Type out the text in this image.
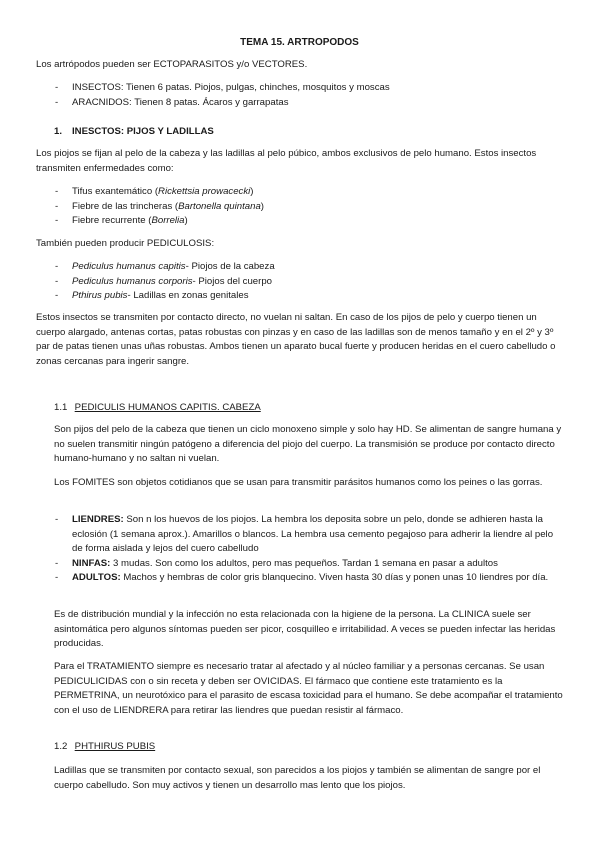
TEMA 15. ARTROPODOS

Los artrópodos pueden ser ECTOPARASITOS y/o VECTORES.

- INSECTOS: Tienen 6 patas. Piojos, pulgas, chinches, mosquitos y moscas
- ARACNIDOS: Tienen 8 patas. Ácaros y garrapatas
1. INESCTOS: PIJOS Y LADILLAS

Los piojos se fijan al pelo de la cabeza y las ladillas al pelo púbico, ambos exclusivos de pelo humano. Estos insectos transmiten enfermedades como:

- Tifus exantemático (Rickettsia prowacecki)
- Fiebre de las trincheras (Bartonella quintana)
- Fiebre recurrente (Borrelia)

También pueden producir PEDICULOSIS:

- Pediculus humanus capitis- Piojos de la cabeza
- Pediculus humanus corporis- Piojos del cuerpo
- Pthirus pubis- Ladillas en zonas genitales

Estos insectos se transmiten por contacto directo, no vuelan ni saltan. En caso de los pijos de pelo y cuerpo tienen un cuerpo alargado, antenas cortas, patas robustas con pinzas y en caso de las ladillas son de menos tamaño y en el 2º y 3º par de patas tienen unas uñas robustas. Ambos tienen un aparato bucal fuerte y producen heridas en el cuero cabelludo o zonas cercanas para ingerir sangre.

1.1 PEDICULIS HUMANOS CAPITIS. CABEZA

Son pijos del pelo de la cabeza que tienen un ciclo monoxeno simple y solo hay HD. Se alimentan de sangre humana y no suelen transmitir ningún patógeno a diferencia del piojo del cuerpo. La transmisión se produce por contacto directo humano-humano y no saltan ni vuelan.

Los FOMITES son objetos cotidianos que se usan para transmitir parásitos humanos como los peines o las gorras.

- LIENDRES: Son n los huevos de los piojos. La hembra los deposita sobre un pelo, donde se adhieren hasta la eclosión (1 semana aprox.). Amarillos o blancos. La hembra usa cemento pegajoso para adherir la liendre al pelo de forma aislada y lejos del cuero cabelludo
- NINFAS: 3 mudas. Son como los adultos, pero mas pequeños. Tardan 1 semana en pasar a adultos
- ADULTOS: Machos y hembras de color gris blanquecino. Viven hasta 30 días y ponen unas 10 liendres por día.

Es de distribución mundial y la infección no esta relacionada con la higiene de la persona. La CLINICA suele ser asintomática pero algunos síntomas pueden ser picor, cosquilleo e irritabilidad. A veces se pueden infectar las heridas producidas.

Para el TRATAMIENTO siempre es necesario tratar al afectado y al núcleo familiar y a personas cercanas. Se usan PEDICULICIDAS con o sin receta y deben ser OVICIDAS. El fármaco que contiene este tratamiento es la PERMETRINA, un neurotóxico para el parasito de escasa toxicidad para el humano. Se debe acompañar el tratamiento con el uso de LIENDRERA para retirar las liendres que puedan resistir al fármaco.

1.2 PHTHIRUS PUBIS

Ladillas que se transmiten por contacto sexual, son parecidos a los piojos y también se alimentan de sangre por el cuerpo cabelludo. Son muy activos y tienen un desarrollo mas lento que los piojos.
